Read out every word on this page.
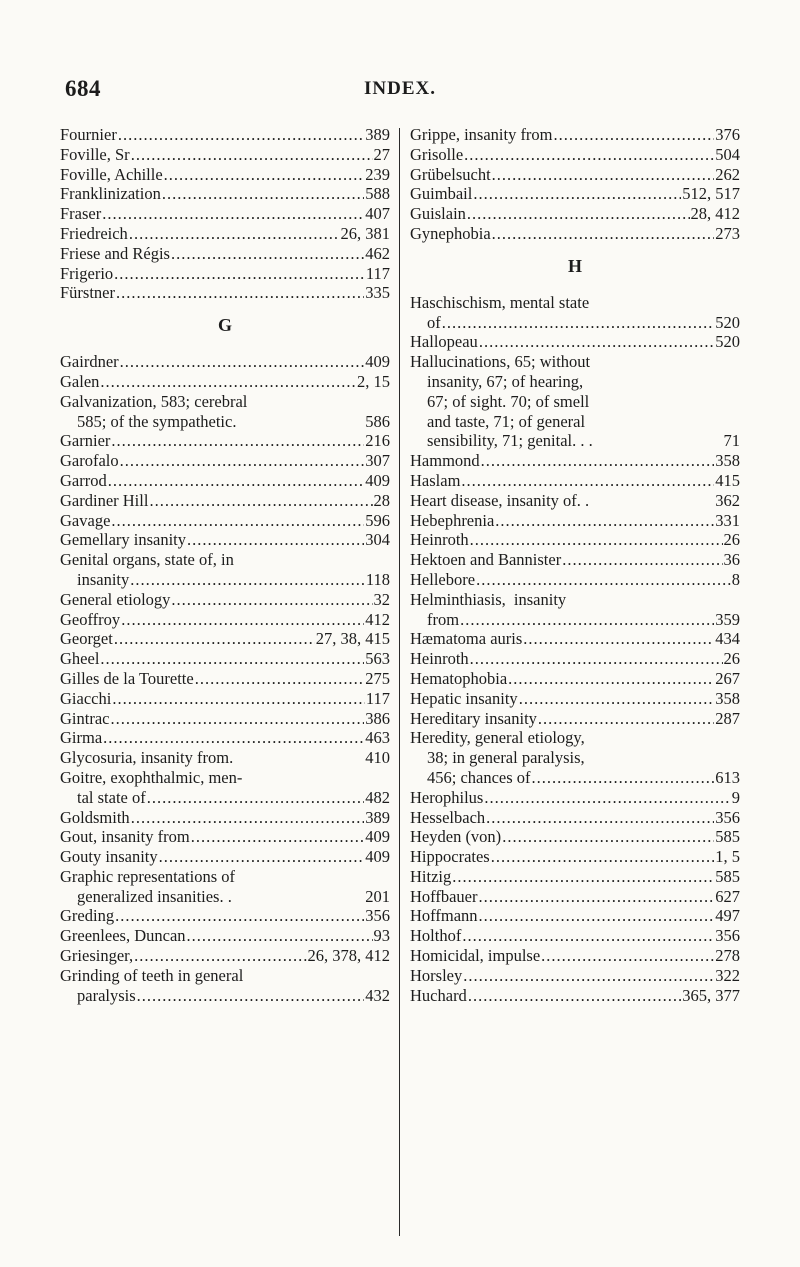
684	INDEX.
Fournier .....	389
Foville, Sr .....	27
Foville, Achille .....	239
Franklinization .....	588
Fraser .....	407
Friedreich .....	26, 381
Friese and Régis .....	462
Frigerio .....	117
Fürstner .....	335
G
Gairdner .....	409
Galen .....	2, 15
Galvanization, 583; cerebral
585; of the sympathetic.	586
Garnier .....	216
Garofalo .....	307
Garrod .....	409
Gardiner Hill .....	28
Gavage .....	596
Gemellary insanity .....	304
Genital organs, state of, in
insanity .....	118
General etiology .....	32
Geoffroy .....	412
Georget .....	27, 38, 415
Gheel .....	563
Gilles de la Tourette .....	275
Giacchi .....	117
Gintrac .....	386
Girma .....	463
Glycosuria, insanity from.	410
Goitre, exophthalmic, men-
tal state of .....	482
Goldsmith .....	389
Gout, insanity from .....	409
Gouty insanity .....	409
Graphic representations of
generalized insanities. .	201
Greding .....	356
Greenlees, Duncan .....	93
Griesinger, .....	26, 378, 412
Grinding of teeth in general
paralysis .....	432
Grippe, insanity from .....	376
Grisolle .....	504
Grübelsucht .....	262
Guimbail .....	512, 517
Guislain .....	28, 412
Gynephobia .....	273
H
Haschischism, mental state
of .....	520
Hallopeau .....	520
Hallucinations, 65; without
insanity, 67; of hearing,
67; of sight. 70; of smell
and taste, 71; of general
sensibility, 71; genital. . .	71
Hammond .....	358
Haslam .....	415
Heart disease, insanity of. .	362
Hebephrenia .....	331
Heinroth .....	26
Hektoen and Bannister .....	36
Hellebore .....	8
Helminthiasis, insanity
from .....	359
Hæmatoma auris .....	434
Heinroth .....	26
Hematophobia .....	267
Hepatic insanity .....	358
Hereditary insanity .....	287
Heredity, general etiology,
38; in general paralysis,
456; chances of .....	613
Herophilus .....	9
Hesselbach .....	356
Heyden (von) .....	585
Hippocrates .....	1, 5
Hitzig .....	585
Hoffbauer .....	627
Hoffmann .....	497
Holthof .....	356
Homicidal, impulse .....	278
Horsley .....	322
Huchard .....	365, 377
